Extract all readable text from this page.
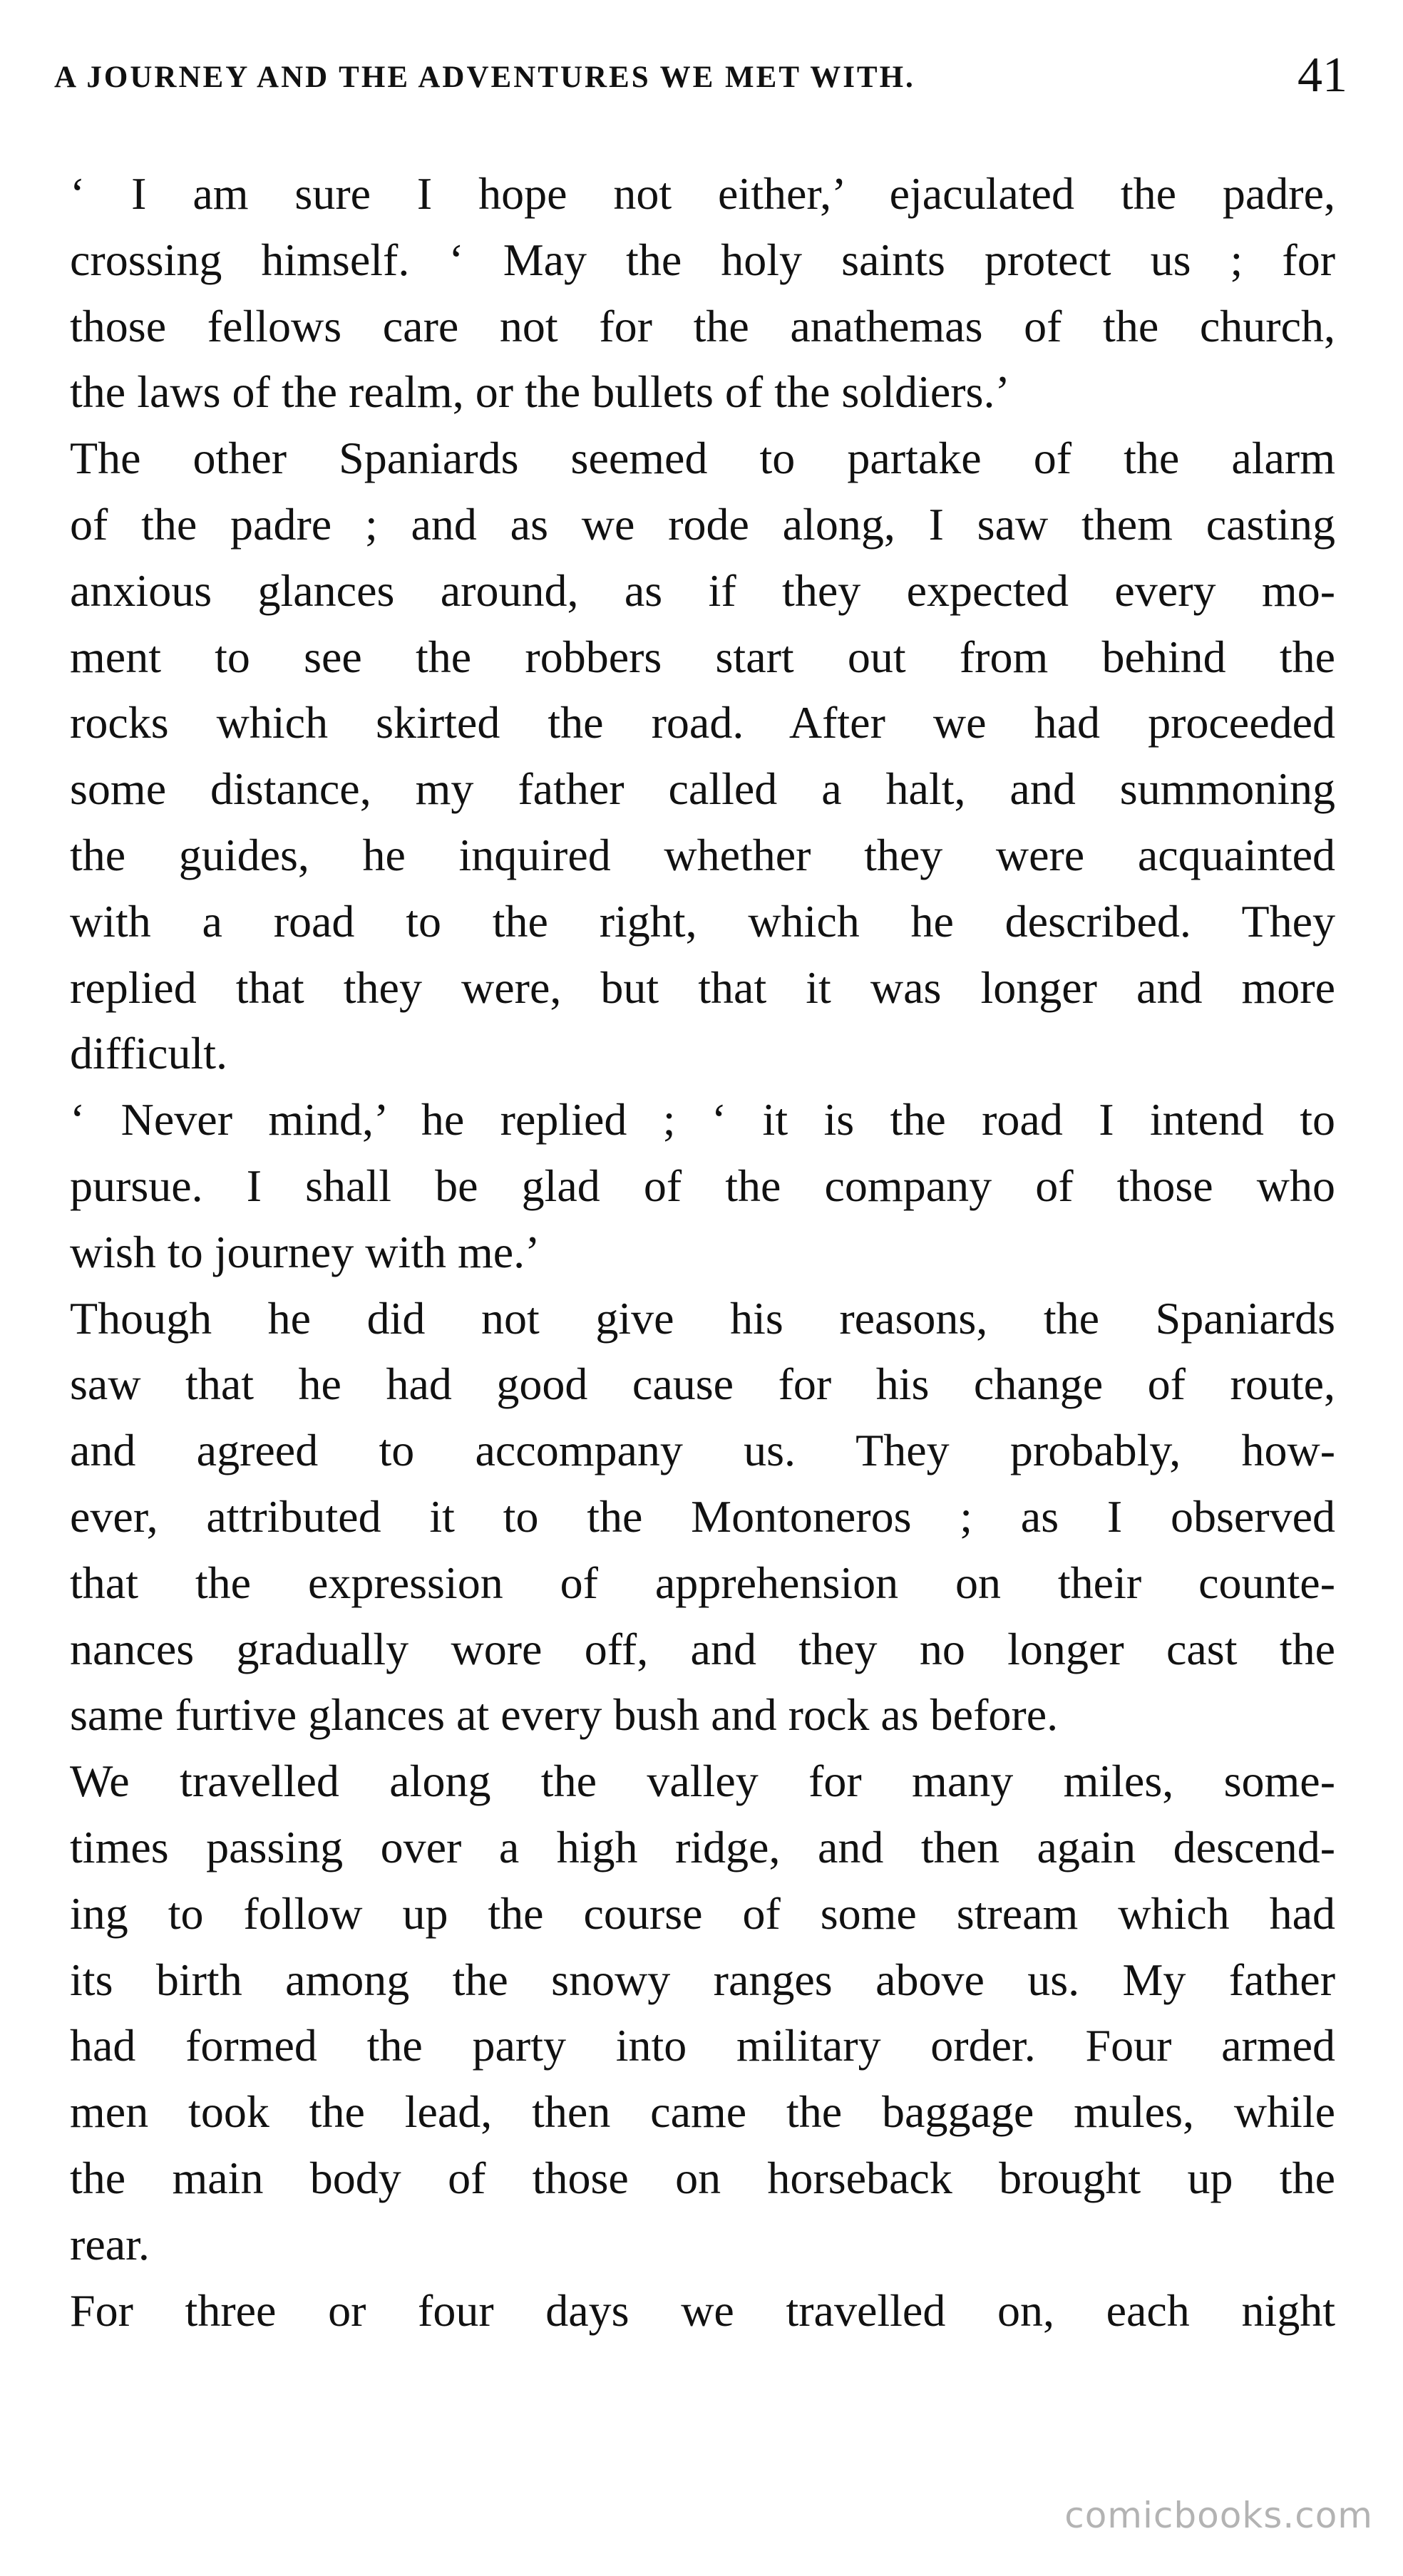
A JOURNEY AND THE ADVENTURES WE MET WITH.	41
‘ I am sure I hope not either,’ ejaculated the padre,
crossing himself. ‘ May the holy saints protect us ; for
those fellows care not for the anathemas of the church,
the laws of the realm, or the bullets of the soldiers.’
The other Spaniards seemed to partake of the alarm
of the padre ; and as we rode along, I saw them casting
anxious glances around, as if they expected every mo-
ment to see the robbers start out from behind the
rocks which skirted the road. After we had proceeded
some distance, my father called a halt, and summoning
the guides, he inquired whether they were acquainted
with a road to the right, which he described. They
replied that they were, but that it was longer and more
difficult.
‘ Never mind,’ he replied ; ‘ it is the road I intend to
pursue. I shall be glad of the company of those who
wish to journey with me.’
Though he did not give his reasons, the Spaniards
saw that he had good cause for his change of route,
and agreed to accompany us. They probably, how-
ever, attributed it to the Montoneros ; as I observed
that the expression of apprehension on their counte-
nances gradually wore off, and they no longer cast the
same furtive glances at every bush and rock as before.
We travelled along the valley for many miles, some-
times passing over a high ridge, and then again descend-
ing to follow up the course of some stream which had
its birth among the snowy ranges above us. My father
had formed the party into military order. Four armed
men took the lead, then came the baggage mules, while
the main body of those on horseback brought up the
rear.
For three or four days we travelled on, each night
comicbooks.com
